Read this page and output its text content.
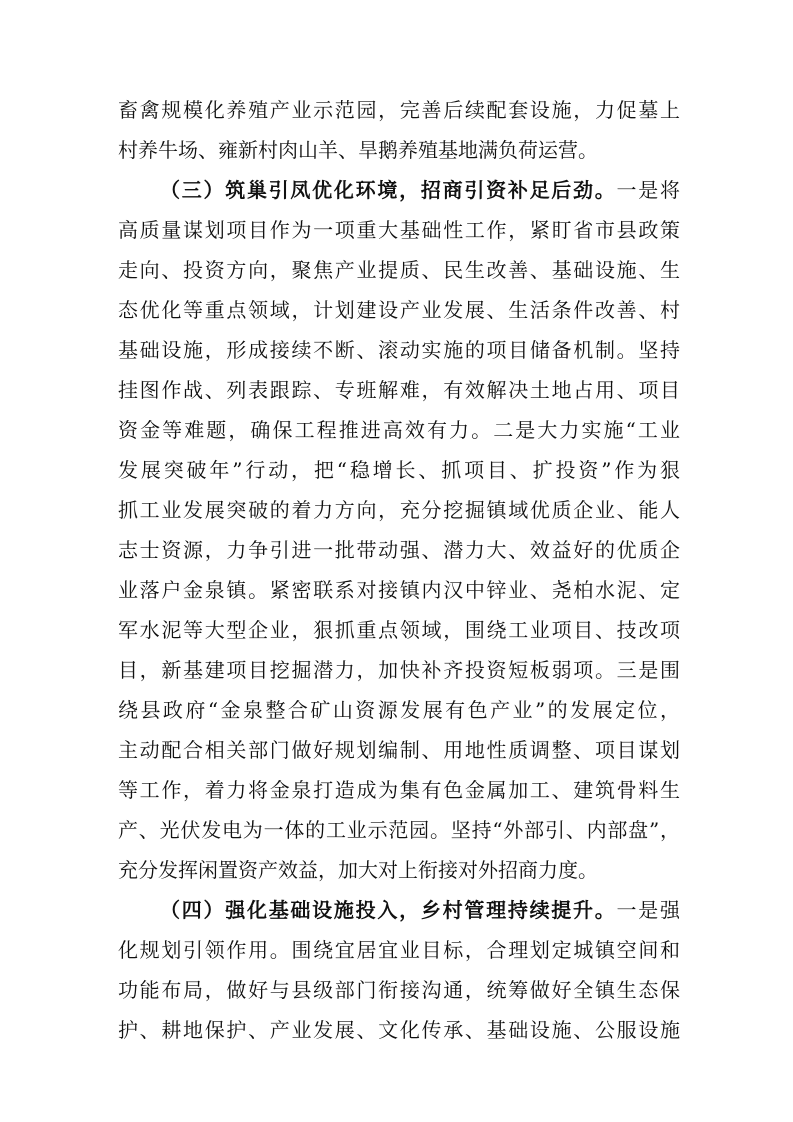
畜禽规模化养殖产业示范园，完善后续配套设施，力促墓上
村养牛场、雍新村肉山羊、旱鹅养殖基地满负荷运营。
（三）筑巢引凤优化环境，招商引资补足后劲。一是将
高质量谋划项目作为一项重大基础性工作，紧盯省市县政策
走向、投资方向，聚焦产业提质、民生改善、基础设施、生
态优化等重点领域，计划建设产业发展、生活条件改善、村
基础设施，形成接续不断、滚动实施的项目储备机制。坚持
挂图作战、列表跟踪、专班解难，有效解决土地占用、项目
资金等难题，确保工程推进高效有力。二是大力实施“工业
发展突破年”行动，把“稳增长、抓项目、扩投资”作为狠
抓工业发展突破的着力方向，充分挖掘镇域优质企业、能人
志士资源，力争引进一批带动强、潜力大、效益好的优质企
业落户金泉镇。紧密联系对接镇内汉中锌业、尧柏水泥、定
军水泥等大型企业，狠抓重点领域，围绕工业项目、技改项
目，新基建项目挖掘潜力，加快补齐投资短板弱项。三是围
绕县政府“金泉整合矿山资源发展有色产业”的发展定位，
主动配合相关部门做好规划编制、用地性质调整、项目谋划
等工作，着力将金泉打造成为集有色金属加工、建筑骨料生
产、光伏发电为一体的工业示范园。坚持“外部引、内部盘”，
充分发挥闲置资产效益，加大对上衔接对外招商力度。
（四）强化基础设施投入，乡村管理持续提升。一是强
化规划引领作用。围绕宜居宜业目标，合理划定城镇空间和
功能布局，做好与县级部门衔接沟通，统筹做好全镇生态保
护、耕地保护、产业发展、文化传承、基础设施、公服设施
